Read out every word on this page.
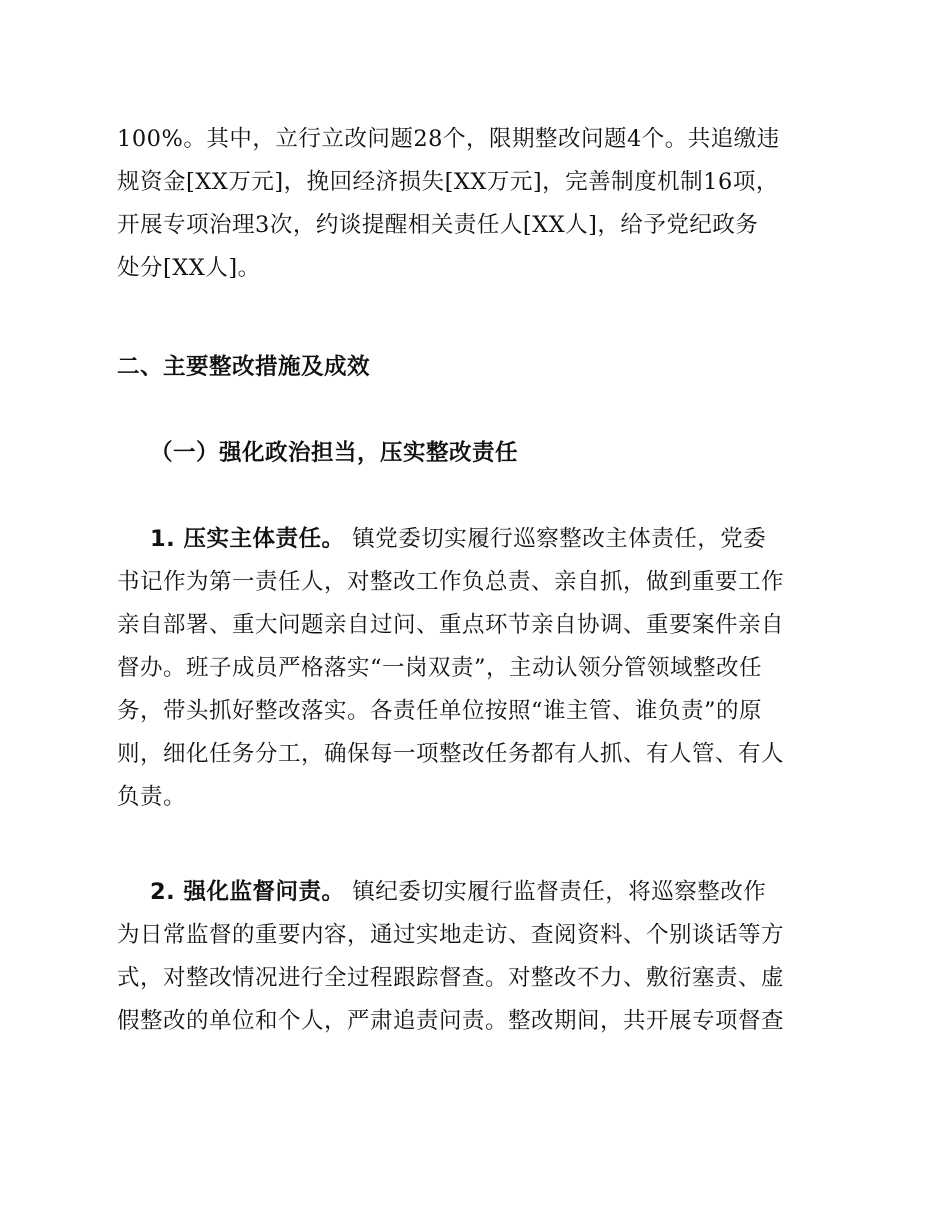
100%。其中，立行立改问题28个，限期整改问题4个。共追缴违
规资金[XX万元]，挽回经济损失[XX万元]，完善制度机制16项，
开展专项治理3次，约谈提醒相关责任人[XX人]，给予党纪政务
处分[XX人]。
二、主要整改措施及成效
（一）强化政治担当，压实整改责任
1. 压实主体责任。 镇党委切实履行巡察整改主体责任，党委
书记作为第一责任人，对整改工作负总责、亲自抓，做到重要工作
亲自部署、重大问题亲自过问、重点环节亲自协调、重要案件亲自
督办。班子成员严格落实“一岗双责”，主动认领分管领域整改任
务，带头抓好整改落实。各责任单位按照“谁主管、谁负责”的原
则，细化任务分工，确保每一项整改任务都有人抓、有人管、有人
负责。
2. 强化监督问责。 镇纪委切实履行监督责任，将巡察整改作
为日常监督的重要内容，通过实地走访、查阅资料、个别谈话等方
式，对整改情况进行全过程跟踪督查。对整改不力、敷衍塞责、虚
假整改的单位和个人，严肃追责问责。整改期间，共开展专项督查
